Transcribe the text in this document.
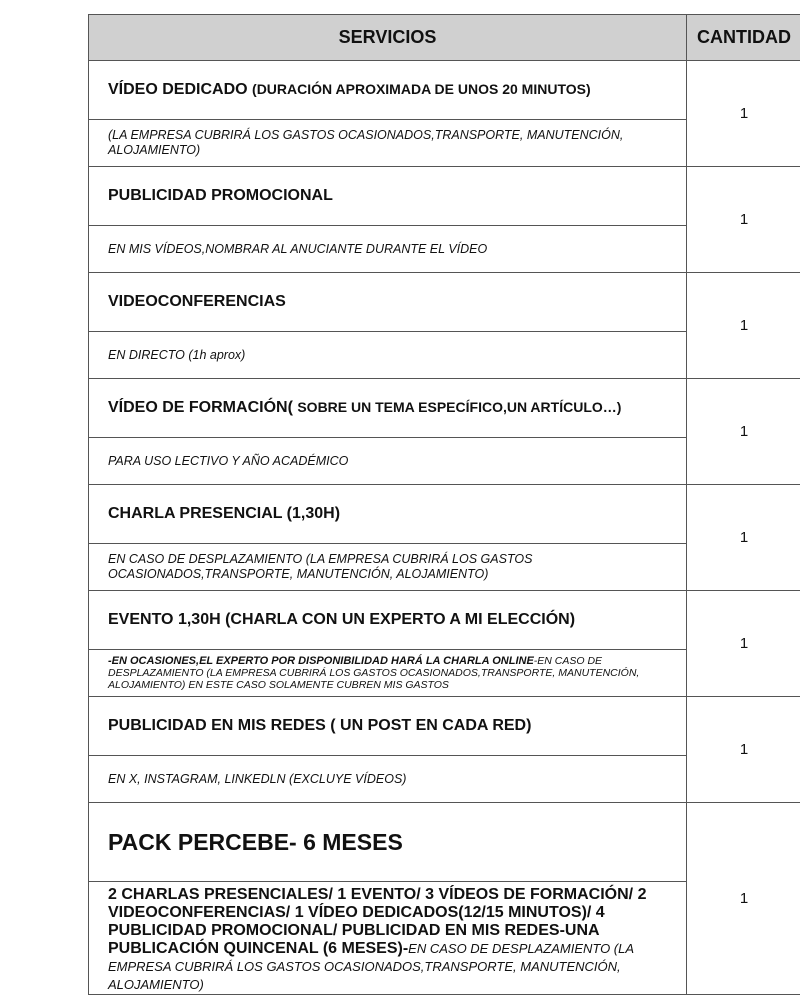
SERVICIOS	CANTIDAD
VÍDEO DEDICADO (DURACIÓN APROXIMADA DE UNOS 20 MINUTOS)	1
(LA EMPRESA CUBRIRÁ LOS GASTOS OCASIONADOS,TRANSPORTE, MANUTENCIÓN, ALOJAMIENTO)	
PUBLICIDAD PROMOCIONAL	1
EN MIS VÍDEOS,NOMBRAR AL ANUCIANTE DURANTE EL VÍDEO	
VIDEOCONFERENCIAS	1
EN DIRECTO (1h aprox)	
VÍDEO DE FORMACIÓN( SOBRE UN TEMA ESPECÍFICO,UN ARTÍCULO…)	1
PARA USO LECTIVO Y AÑO ACADÉMICO	
CHARLA PRESENCIAL (1,30H)	1
EN CASO DE DESPLAZAMIENTO (LA EMPRESA CUBRIRÁ LOS GASTOS OCASIONADOS,TRANSPORTE, MANUTENCIÓN, ALOJAMIENTO)	
EVENTO 1,30H (CHARLA CON UN EXPERTO A MI ELECCIÓN)	1
-EN OCASIONES,EL EXPERTO POR DISPONIBILIDAD HARÁ LA CHARLA ONLINE-EN CASO DE DESPLAZAMIENTO (LA EMPRESA CUBRIRÁ LOS GASTOS OCASIONADOS,TRANSPORTE, MANUTENCIÓN, ALOJAMIENTO) EN ESTE CASO SOLAMENTE CUBREN MIS GASTOS	
PUBLICIDAD EN MIS REDES ( UN POST EN CADA RED)	1
EN X, INSTAGRAM, LINKEDLN (EXCLUYE VÍDEOS)	
PACK PERCEBE- 6 MESES	1
2 CHARLAS PRESENCIALES/ 1 EVENTO/ 3 VÍDEOS DE FORMACIÓN/ 2 VIDEOCONFERENCIAS/ 1 VÍDEO DEDICADOS(12/15 MINUTOS)/ 4 PUBLICIDAD PROMOCIONAL/ PUBLICIDAD EN MIS REDES-UNA PUBLICACIÓN QUINCENAL (6 MESES)-EN CASO DE DESPLAZAMIENTO (LA EMPRESA CUBRIRÁ LOS GASTOS OCASIONADOS,TRANSPORTE, MANUTENCIÓN, ALOJAMIENTO)	
